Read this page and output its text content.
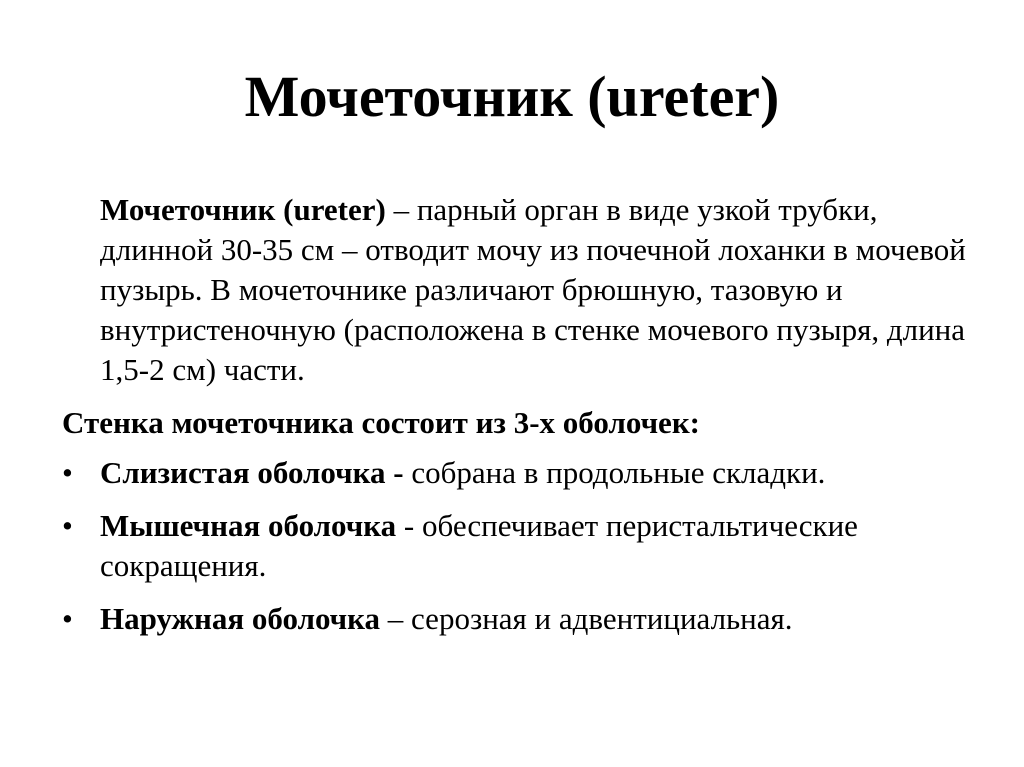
Мочеточник (ureter)

Мочеточник (ureter) – парный орган в виде узкой трубки, длинной 30-35 см – отводит мочу из почечной лоханки в мочевой пузырь. В мочеточнике различают брюшную, тазовую и внутристеночную (расположена в стенке мочевого пузыря, длина 1,5-2 см) части.

Стенка мочеточника состоит из 3-х оболочек:

• Слизистая оболочка - собрана в продольные складки.
• Мышечная оболочка - обеспечивает перистальтические сокращения.
• Наружная оболочка – серозная и адвентициальная.
